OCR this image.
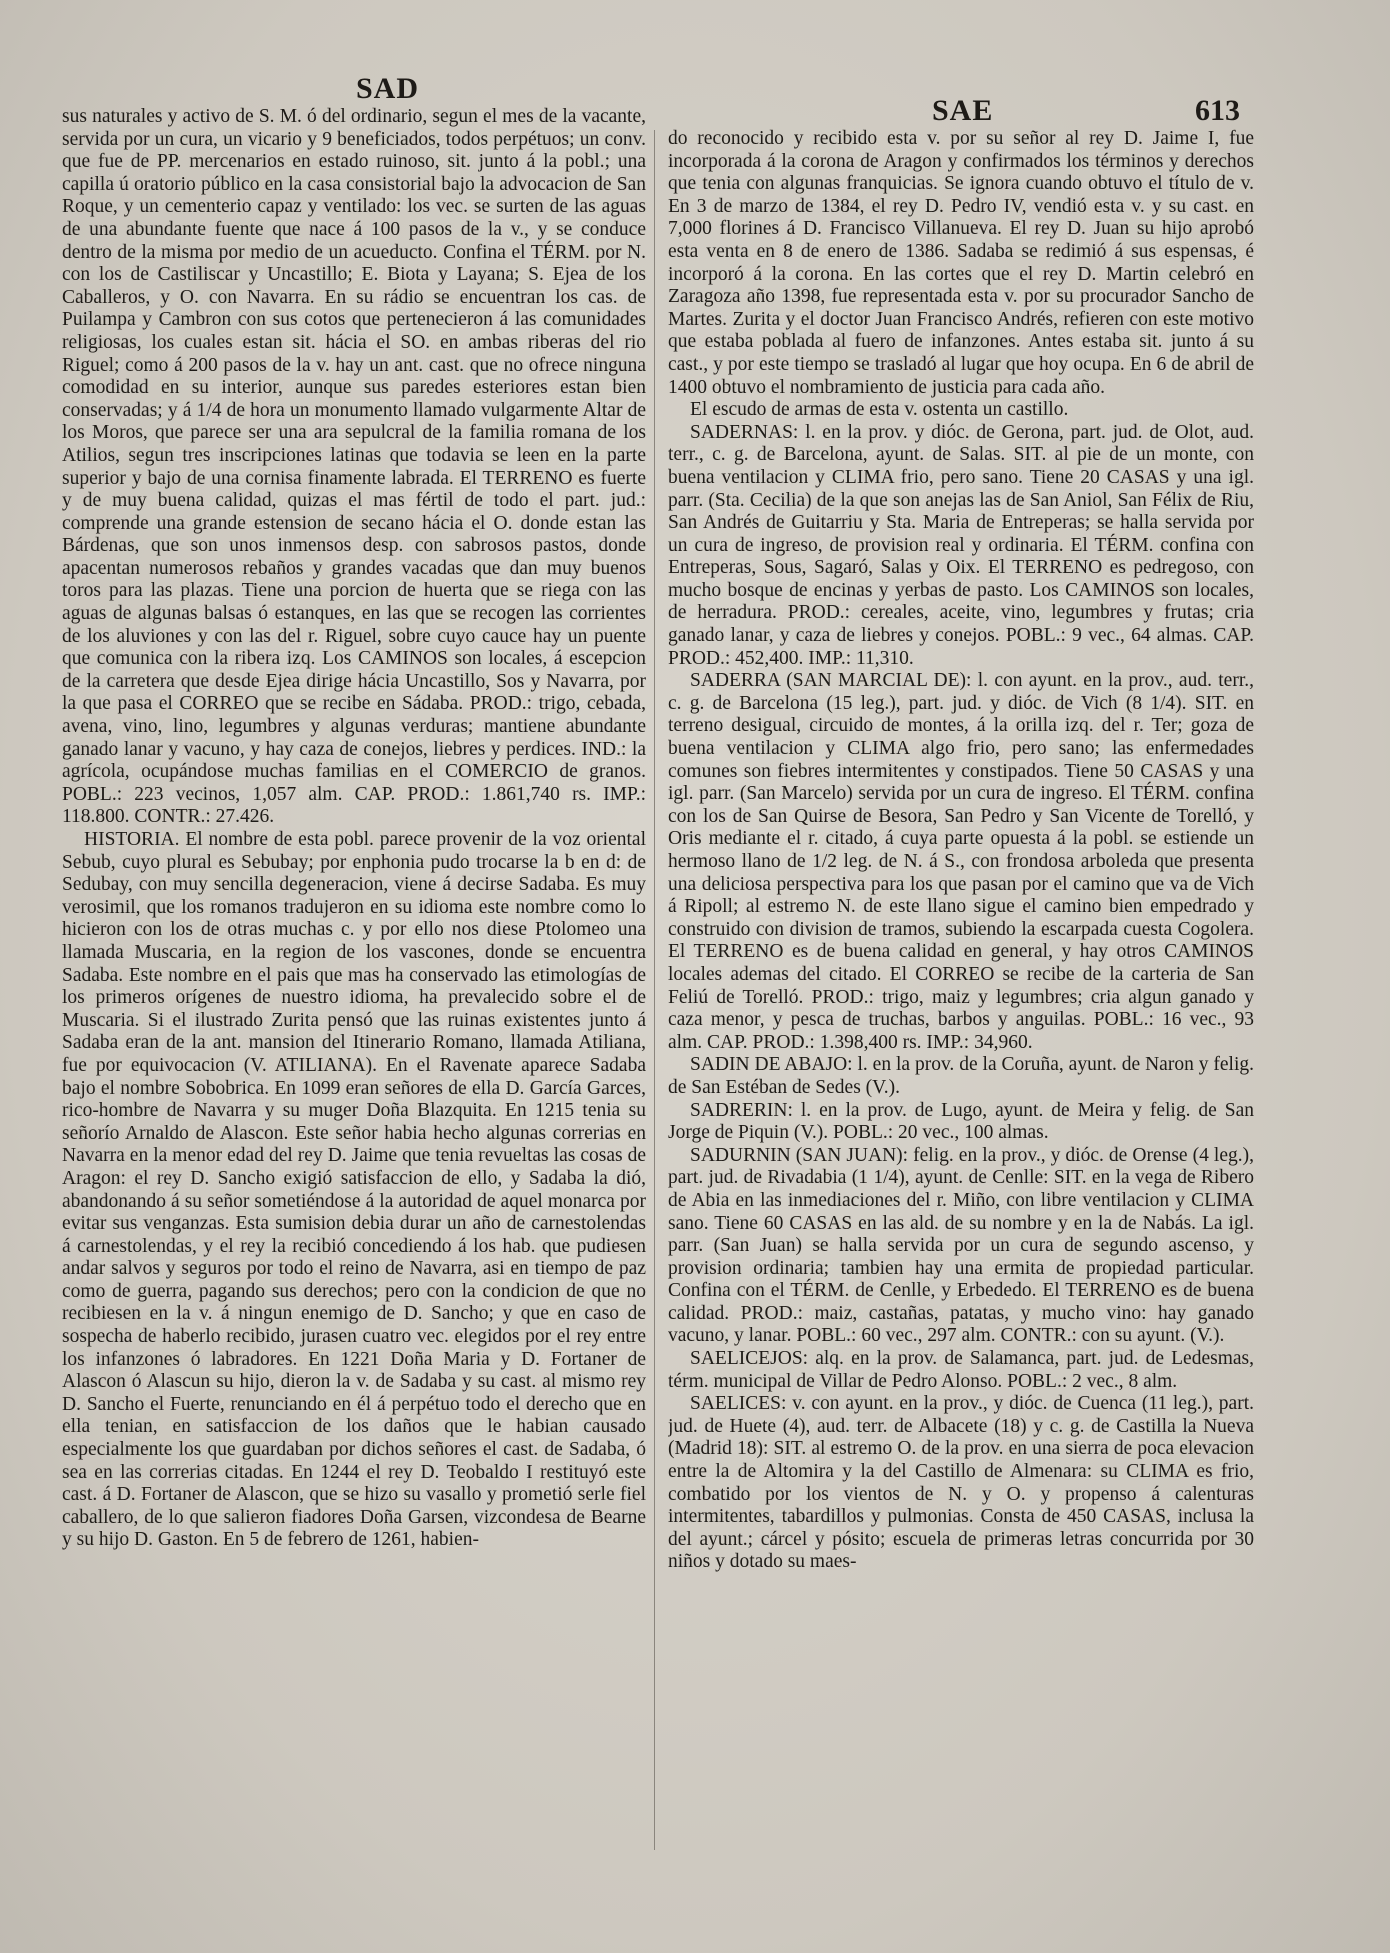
SAD
SAE	613

sus naturales y activo de S. M. ó del ordinario, segun el mes de la vacante, servida por un cura, un vicario y 9 beneficiados, todos perpétuos; un conv. que fue de PP. mercenarios en estado ruinoso, sit. junto á la pobl.; una capilla ú oratorio público en la casa consistorial bajo la advocacion de San Roque, y un cementerio capaz y ventilado: los vec. se surten de las aguas de una abundante fuente que nace á 100 pasos de la v., y se conduce dentro de la misma por medio de un acueducto. Confina el TÉRM. por N. con los de Castiliscar y Uncastillo; E. Biota y Layana; S. Ejea de los Caballeros, y O. con Navarra. En su rádio se encuentran los cas. de Puilampa y Cambron con sus cotos que pertenecieron á las comunidades religiosas, los cuales estan sit. hácia el SO. en ambas riberas del rio Riguel; como á 200 pasos de la v. hay un ant. cast. que no ofrece ninguna comodidad en su interior, aunque sus paredes esteriores estan bien conservadas; y á 1/4 de hora un monumento llamado vulgarmente Altar de los Moros, que parece ser una ara sepulcral de la familia romana de los Atilios, segun tres inscripciones latinas que todavia se leen en la parte superior y bajo de una cornisa finamente labrada. El TERRENO es fuerte y de muy buena calidad, quizas el mas fértil de todo el part. jud.: comprende una grande estension de secano hácia el O. donde estan las Bárdenas, que son unos inmensos desp. con sabrosos pastos, donde apacentan numerosos rebaños y grandes vacadas que dan muy buenos toros para las plazas. Tiene una porcion de huerta que se riega con las aguas de algunas balsas ó estanques, en las que se recogen las corrientes de los aluviones y con las del r. Riguel, sobre cuyo cauce hay un puente que comunica con la ribera izq. Los CAMINOS son locales, á escepcion de la carretera que desde Ejea dirige hácia Uncastillo, Sos y Navarra, por la que pasa el CORREO que se recibe en Sádaba. PROD.: trigo, cebada, avena, vino, lino, legumbres y algunas verduras; mantiene abundante ganado lanar y vacuno, y hay caza de conejos, liebres y perdices. IND.: la agrícola, ocupándose muchas familias en el COMERCIO de granos. POBL.: 223 vecinos, 1,057 alm. CAP. PROD.: 1.861,740 rs. IMP.: 118.800. CONTR.: 27.426.

HISTORIA. El nombre de esta pobl. parece provenir de la voz oriental Sebub, cuyo plural es Sebubay; por enphonia pudo trocarse la b en d: de Sedubay, con muy sencilla degeneracion, viene á decirse Sadaba. Es muy verosimil, que los romanos tradujeron en su idioma este nombre como lo hicieron con los de otras muchas c. y por ello nos diese Ptolomeo una llamada Muscaria, en la region de los vascones, donde se encuentra Sadaba. Este nombre en el pais que mas ha conservado las etimologías de los primeros orígenes de nuestro idioma, ha prevalecido sobre el de Muscaria. Si el ilustrado Zurita pensó que las ruinas existentes junto á Sadaba eran de la ant. mansion del Itinerario Romano, llamada Atiliana, fue por equivocacion (V. ATILIANA). En el Ravenate aparece Sadaba bajo el nombre Sobobrica. En 1099 eran señores de ella D. García Garces, rico-hombre de Navarra y su muger Doña Blazquita. En 1215 tenia su señorío Arnaldo de Alascon. Este señor habia hecho algunas correrias en Navarra en la menor edad del rey D. Jaime que tenia revueltas las cosas de Aragon: el rey D. Sancho exigió satisfaccion de ello, y Sadaba la dió, abandonando á su señor sometiéndose á la autoridad de aquel monarca por evitar sus venganzas. Esta sumision debia durar un año de carnestolendas á carnestolendas, y el rey la recibió concediendo á los hab. que pudiesen andar salvos y seguros por todo el reino de Navarra, asi en tiempo de paz como de guerra, pagando sus derechos; pero con la condicion de que no recibiesen en la v. á ningun enemigo de D. Sancho; y que en caso de sospecha de haberlo recibido, jurasen cuatro vec. elegidos por el rey entre los infanzones ó labradores. En 1221 Doña Maria y D. Fortaner de Alascon ó Alascun su hijo, dieron la v. de Sadaba y su cast. al mismo rey D. Sancho el Fuerte, renunciando en él á perpétuo todo el derecho que en ella tenian, en satisfaccion de los daños que le habian causado especialmente los que guardaban por dichos señores el cast. de Sadaba, ó sea en las correrias citadas. En 1244 el rey D. Teobaldo I restituyó este cast. á D. Fortaner de Alascon, que se hizo su vasallo y prometió serle fiel caballero, de lo que salieron fiadores Doña Garsen, vizcondesa de Bearne y su hijo D. Gaston. En 5 de febrero de 1261, habien-

do reconocido y recibido esta v. por su señor al rey D. Jaime I, fue incorporada á la corona de Aragon y confirmados los términos y derechos que tenia con algunas franquicias. Se ignora cuando obtuvo el título de v. En 3 de marzo de 1384, el rey D. Pedro IV, vendió esta v. y su cast. en 7,000 florines á D. Francisco Villanueva. El rey D. Juan su hijo aprobó esta venta en 8 de enero de 1386. Sadaba se redimió á sus espensas, é incorporó á la corona. En las cortes que el rey D. Martin celebró en Zaragoza año 1398, fue representada esta v. por su procurador Sancho de Martes. Zurita y el doctor Juan Francisco Andrés, refieren con este motivo que estaba poblada al fuero de infanzones. Antes estaba sit. junto á su cast., y por este tiempo se trasladó al lugar que hoy ocupa. En 6 de abril de 1400 obtuvo el nombramiento de justicia para cada año.

El escudo de armas de esta v. ostenta un castillo.

SADERNAS: l. en la prov. y dióc. de Gerona, part. jud. de Olot, aud. terr., c. g. de Barcelona, ayunt. de Salas. SIT. al pie de un monte, con buena ventilacion y CLIMA frio, pero sano. Tiene 20 CASAS y una igl. parr. (Sta. Cecilia) de la que son anejas las de San Aniol, San Félix de Riu, San Andrés de Guitarriu y Sta. Maria de Entreperas; se halla servida por un cura de ingreso, de provision real y ordinaria. El TÉRM. confina con Entreperas, Sous, Sagaró, Salas y Oix. El TERRENO es pedregoso, con mucho bosque de encinas y yerbas de pasto. Los CAMINOS son locales, de herradura. PROD.: cereales, aceite, vino, legumbres y frutas; cria ganado lanar, y caza de liebres y conejos. POBL.: 9 vec., 64 almas. CAP. PROD.: 452,400. IMP.: 11,310.

SADERRA (SAN MARCIAL DE): l. con ayunt. en la prov., aud. terr., c. g. de Barcelona (15 leg.), part. jud. y dióc. de Vich (8 1/4). SIT. en terreno desigual, circuido de montes, á la orilla izq. del r. Ter; goza de buena ventilacion y CLIMA algo frio, pero sano; las enfermedades comunes son fiebres intermitentes y constipados. Tiene 50 CASAS y una igl. parr. (San Marcelo) servida por un cura de ingreso. El TÉRM. confina con los de San Quirse de Besora, San Pedro y San Vicente de Torelló, y Oris mediante el r. citado, á cuya parte opuesta á la pobl. se estiende un hermoso llano de 1/2 leg. de N. á S., con frondosa arboleda que presenta una deliciosa perspectiva para los que pasan por el camino que va de Vich á Ripoll; al estremo N. de este llano sigue el camino bien empedrado y construido con division de tramos, subiendo la escarpada cuesta Cogolera. El TERRENO es de buena calidad en general, y hay otros CAMINOS locales ademas del citado. El CORREO se recibe de la carteria de San Feliú de Torelló. PROD.: trigo, maiz y legumbres; cria algun ganado y caza menor, y pesca de truchas, barbos y anguilas. POBL.: 16 vec., 93 alm. CAP. PROD.: 1.398,400 rs. IMP.: 34,960.

SADIN DE ABAJO: l. en la prov. de la Coruña, ayunt. de Naron y felig. de San Estéban de Sedes (V.).

SADRERIN: l. en la prov. de Lugo, ayunt. de Meira y felig. de San Jorge de Piquin (V.). POBL.: 20 vec., 100 almas.

SADURNIN (SAN JUAN): felig. en la prov., y dióc. de Orense (4 leg.), part. jud. de Rivadabia (1 1/4), ayunt. de Cenlle: SIT. en la vega de Ribero de Abia en las inmediaciones del r. Miño, con libre ventilacion y CLIMA sano. Tiene 60 CASAS en las ald. de su nombre y en la de Nabás. La igl. parr. (San Juan) se halla servida por un cura de segundo ascenso, y provision ordinaria; tambien hay una ermita de propiedad particular. Confina con el TÉRM. de Cenlle, y Erbededo. El TERRENO es de buena calidad. PROD.: maiz, castañas, patatas, y mucho vino: hay ganado vacuno, y lanar. POBL.: 60 vec., 297 alm. CONTR.: con su ayunt. (V.).

SAELICEJOS: alq. en la prov. de Salamanca, part. jud. de Ledesmas, térm. municipal de Villar de Pedro Alonso. POBL.: 2 vec., 8 alm.

SAELICES: v. con ayunt. en la prov., y dióc. de Cuenca (11 leg.), part. jud. de Huete (4), aud. terr. de Albacete (18) y c. g. de Castilla la Nueva (Madrid 18): SIT. al estremo O. de la prov. en una sierra de poca elevacion entre la de Altomira y la del Castillo de Almenara: su CLIMA es frio, combatido por los vientos de N. y O. y propenso á calenturas intermitentes, tabardillos y pulmonias. Consta de 450 CASAS, inclusa la del ayunt.; cárcel y pósito; escuela de primeras letras concurrida por 30 niños y dotado su maes-
